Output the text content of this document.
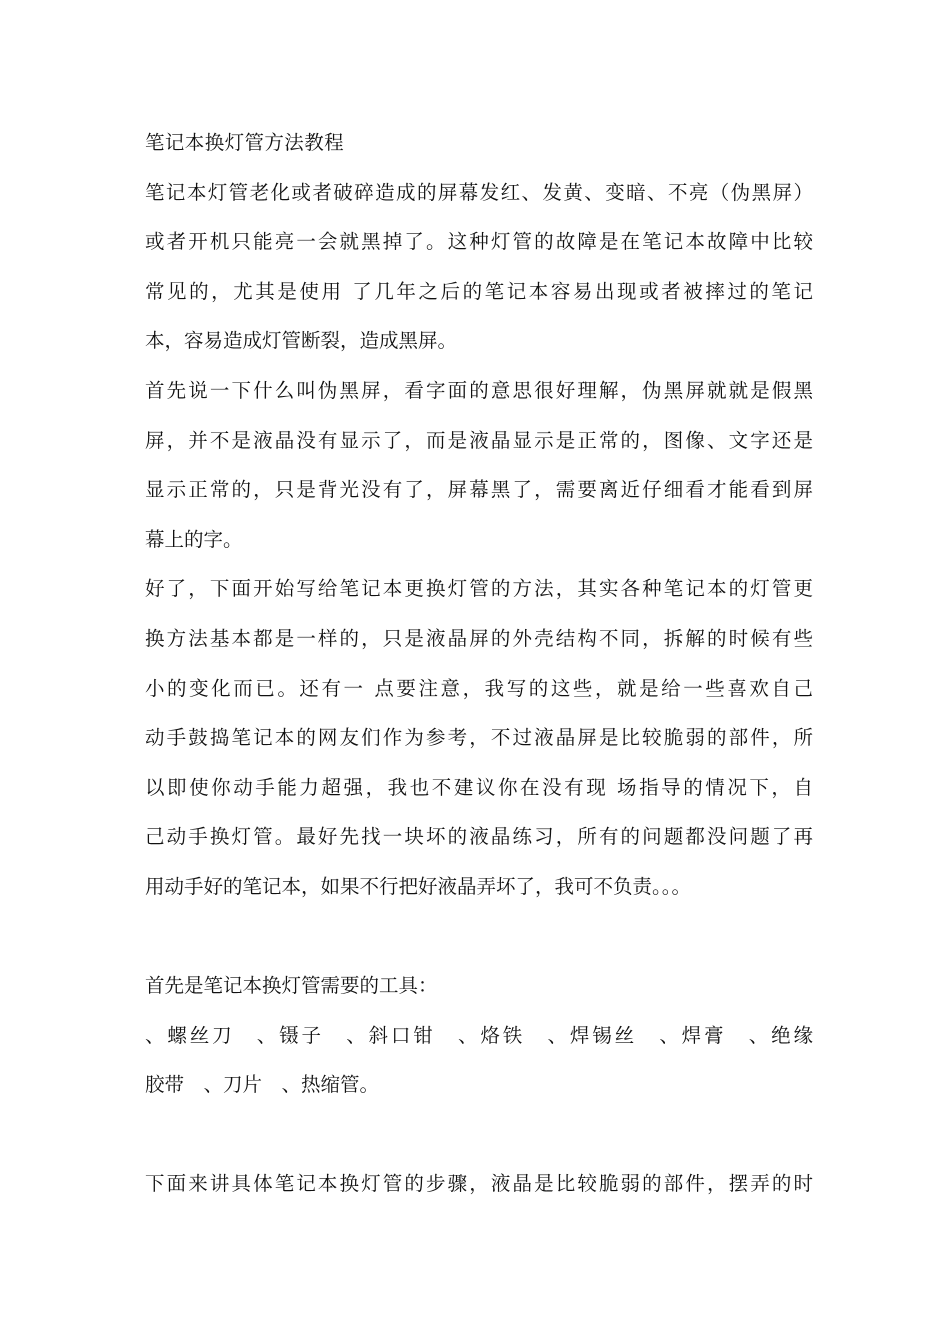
笔记本换灯管方法教程
笔记本灯管老化或者破碎造成的屏幕发红、发黄、变暗、不亮（伪黑屏）
或者开机只能亮一会就黑掉了。这种灯管的故障是在笔记本故障中比较
常见的，尤其是使用 了几年之后的笔记本容易出现或者被摔过的笔记
本，容易造成灯管断裂，造成黑屏。
首先说一下什么叫伪黑屏，看字面的意思很好理解，伪黑屏就就是假黑
屏，并不是液晶没有显示了，而是液晶显示是正常的，图像、文字还是
显示正常的，只是背光没有了，屏幕黑了，需要离近仔细看才能看到屏
幕上的字。
好了，下面开始写给笔记本更换灯管的方法，其实各种笔记本的灯管更
换方法基本都是一样的，只是液晶屏的外壳结构不同，拆解的时候有些
小的变化而已。还有一 点要注意，我写的这些，就是给一些喜欢自己
动手鼓捣笔记本的网友们作为参考，不过液晶屏是比较脆弱的部件，所
以即使你动手能力超强，我也不建议你在没有现 场指导的情况下，自
己动手换灯管。最好先找一块坏的液晶练习，所有的问题都没问题了再
用动手好的笔记本，如果不行把好液晶弄坏了，我可不负责。。。
首先是笔记本换灯管需要的工具：
、螺丝刀　、镊子　、斜口钳　、烙铁　、焊锡丝　、焊膏　、绝缘
胶带　、刀片　、热缩管。
下面来讲具体笔记本换灯管的步骤，液晶是比较脆弱的部件，摆弄的时
